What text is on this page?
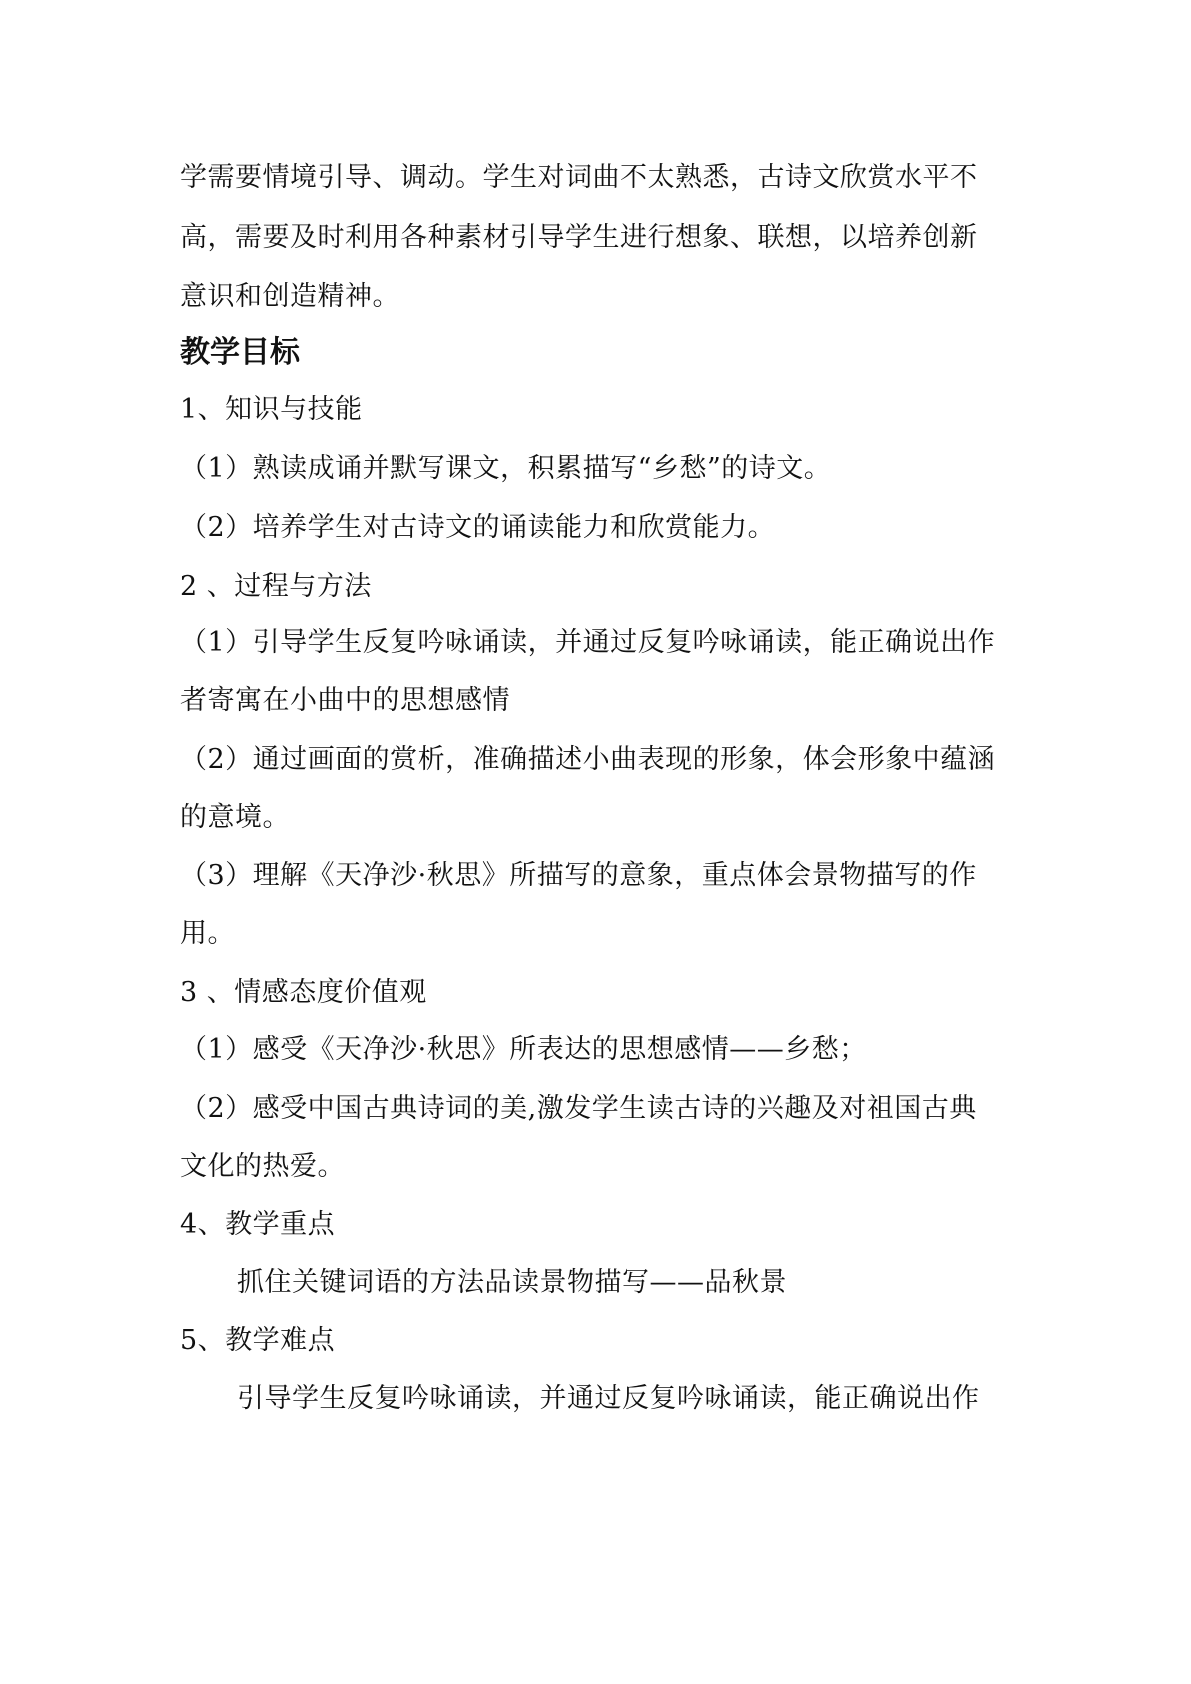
学需要情境引导、调动。学生对词曲不太熟悉，古诗文欣赏水平不
高，需要及时利用各种素材引导学生进行想象、联想，以培养创新
意识和创造精神。
教学目标
1、知识与技能
（1）熟读成诵并默写课文，积累描写“乡愁”的诗文。
（2）培养学生对古诗文的诵读能力和欣赏能力。
2 、过程与方法
（1）引导学生反复吟咏诵读，并通过反复吟咏诵读，能正确说出作
者寄寓在小曲中的思想感情
（2）通过画面的赏析，准确描述小曲表现的形象，体会形象中蕴涵
的意境。
（3）理解《天净沙·秋思》所描写的意象，重点体会景物描写的作
用。
3 、情感态度价值观
（1）感受《天净沙·秋思》所表达的思想感情——乡愁；
（2）感受中国古典诗词的美,激发学生读古诗的兴趣及对祖国古典
文化的热爱。
4、教学重点
抓住关键词语的方法品读景物描写——品秋景
5、教学难点
引导学生反复吟咏诵读，并通过反复吟咏诵读，能正确说出作
